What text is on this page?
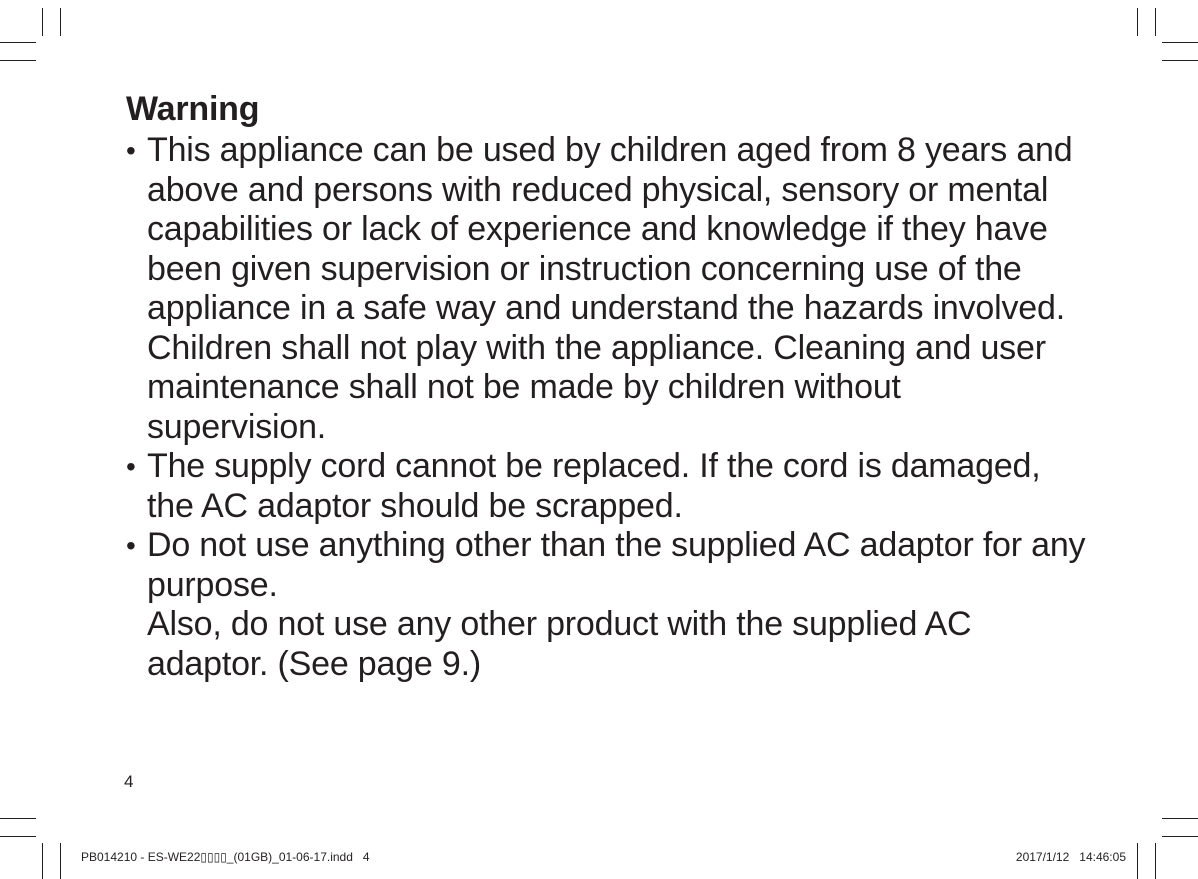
Warning
• This appliance can be used by children aged from 8 years and above and persons with reduced physical, sensory or mental capabilities or lack of experience and knowledge if they have been given supervision or instruction concerning use of the appliance in a safe way and understand the hazards involved. Children shall not play with the appliance. Cleaning and user maintenance shall not be made by children without supervision.
• The supply cord cannot be replaced. If the cord is damaged, the AC adaptor should be scrapped.
• Do not use anything other than the supplied AC adaptor for any purpose.
Also, do not use any other product with the supplied AC adaptor. (See page 9.)
4
PB014210 - ES-WE22▯▯▯▯_(01GB)_01-06-17.indd   4	2017/1/12   14:46:05
